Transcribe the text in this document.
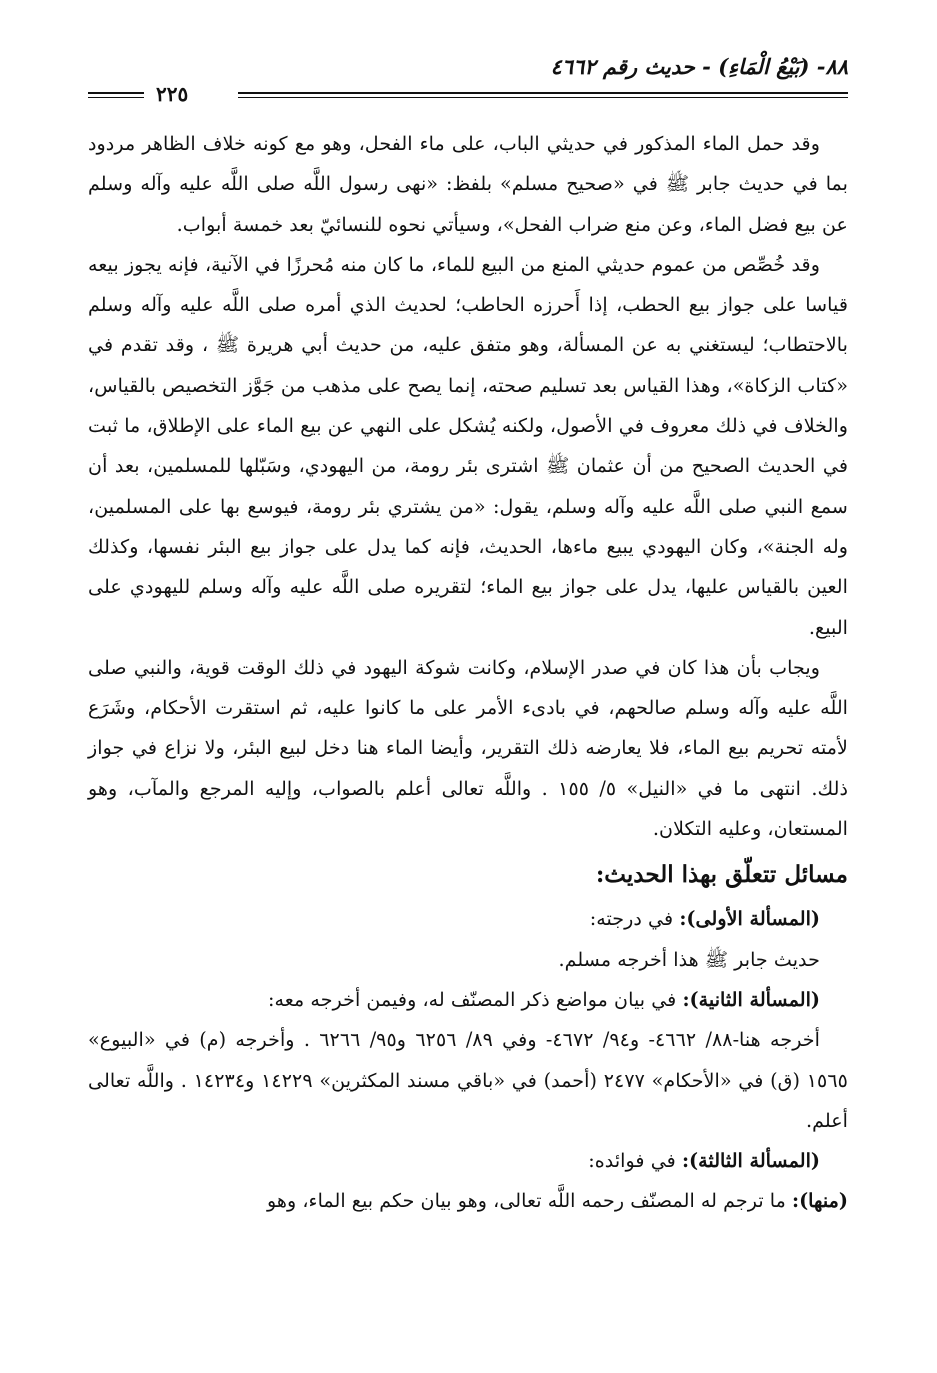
٨٨- (بَيْعُ الْمَاءِ) - حديث رقم ٤٦٦٢
٢٢٥

وقد حمل الماء المذكور في حديثي الباب، على ماء الفحل، وهو مع كونه خلاف الظاهر مردود بما في حديث جابر ﷺ في «صحيح مسلم» بلفظ: «نهى رسول اللَّه صلى اللَّه عليه وآله وسلم عن بيع فضل الماء، وعن منع ضراب الفحل»، وسيأتي نحوه للنسائيّ بعد خمسة أبواب.

وقد خُصِّص من عموم حديثي المنع من البيع للماء، ما كان منه مُحرزًا في الآنية، فإنه يجوز بيعه قياسا على جواز بيع الحطب، إذا أَحرزه الحاطب؛ لحديث الذي أمره صلى اللَّه عليه وآله وسلم بالاحتطاب؛ ليستغني به عن المسألة، وهو متفق عليه، من حديث أبي هريرة ﷺ ، وقد تقدم في «كتاب الزكاة»، وهذا القياس بعد تسليم صحته، إنما يصح على مذهب من جَوَّز التخصيص بالقياس، والخلاف في ذلك معروف في الأصول، ولكنه يُشكل على النهي عن بيع الماء على الإطلاق، ما ثبت في الحديث الصحيح من أن عثمان ﷺ اشترى بئر رومة، من اليهودي، وسَبّلها للمسلمين، بعد أن سمع النبي صلى اللَّه عليه وآله وسلم، يقول: «من يشتري بئر رومة، فيوسع بها على المسلمين، وله الجنة»، وكان اليهودي يبيع ماءها، الحديث، فإنه كما يدل على جواز بيع البئر نفسها، وكذلك العين بالقياس عليها، يدل على جواز بيع الماء؛ لتقريره صلى اللَّه عليه وآله وسلم لليهودي على البيع.

ويجاب بأن هذا كان في صدر الإسلام، وكانت شوكة اليهود في ذلك الوقت قوية، والنبي صلى اللَّه عليه وآله وسلم صالحهم، في بادىء الأمر على ما كانوا عليه، ثم استقرت الأحكام، وشَرَع لأمته تحريم بيع الماء، فلا يعارضه ذلك التقرير، وأيضا الماء هنا دخل لبيع البئر، ولا نزاع في جواز ذلك. انتهى ما في «النيل» ٥/ ١٥٥ . واللَّه تعالى أعلم بالصواب، وإليه المرجع والمآب، وهو المستعان، وعليه التكلان.

مسائل تتعلّق بهذا الحديث:

(المسألة الأولى): في درجته:

حديث جابر ﷺ هذا أخرجه مسلم.

(المسألة الثانية): في بيان مواضع ذكر المصنّف له، وفيمن أخرجه معه:

أخرجه هنا-٨٨/ ٤٦٦٢- و٩٤/ ٤٦٧٢- وفي ٨٩/ ٦٢٥٦ و٩٥/ ٦٢٦٦ . وأخرجه (م) في «البيوع» ١٥٦٥ (ق) في «الأحكام» ٢٤٧٧ (أحمد) في «باقي مسند المكثرين» ١٤٢٢٩ و١٤٢٣٤ . واللَّه تعالى أعلم.

(المسألة الثالثة): في فوائده:

(منها): ما ترجم له المصنّف رحمه اللَّه تعالى، وهو بيان حكم بيع الماء، وهو
